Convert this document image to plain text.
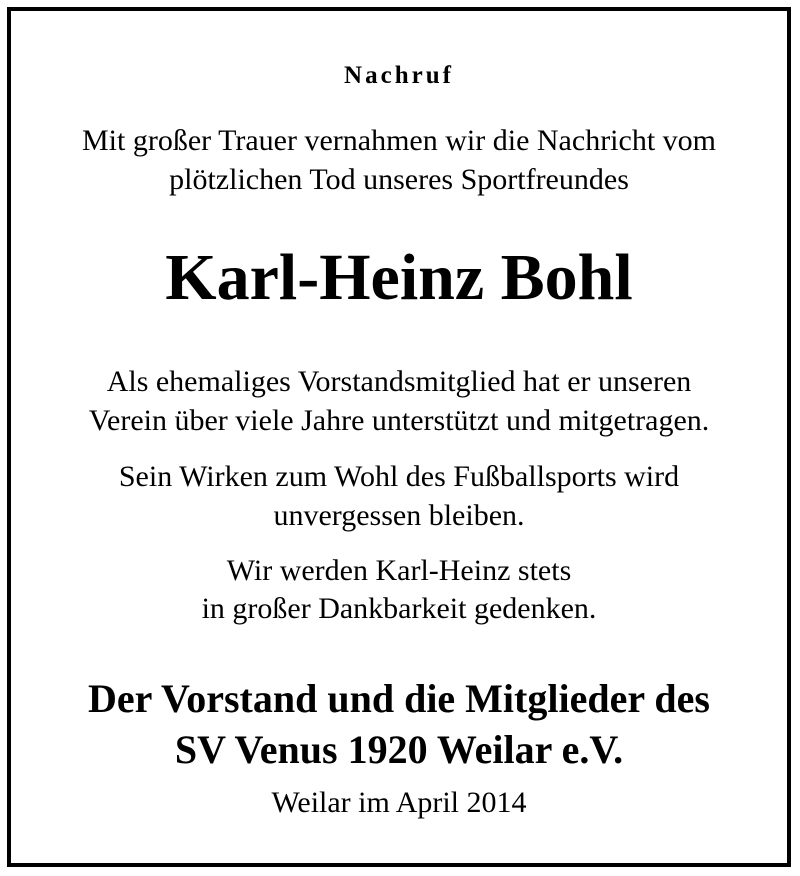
Nachruf

Mit großer Trauer vernahmen wir die Nachricht vom

plötzlichen Tod unseres Sportfreundes

Karl-Heinz Bohl

Als ehemaliges Vorstandsmitglied hat er unseren

Verein über viele Jahre unterstützt und mitgetragen.

Sein Wirken zum Wohl des Fußballsports wird

unvergessen bleiben.

Wir werden Karl-Heinz stets

in großer Dankbarkeit gedenken.

Der Vorstand und die Mitglieder des

SV Venus 1920 Weilar e.V.

Weilar im April 2014
